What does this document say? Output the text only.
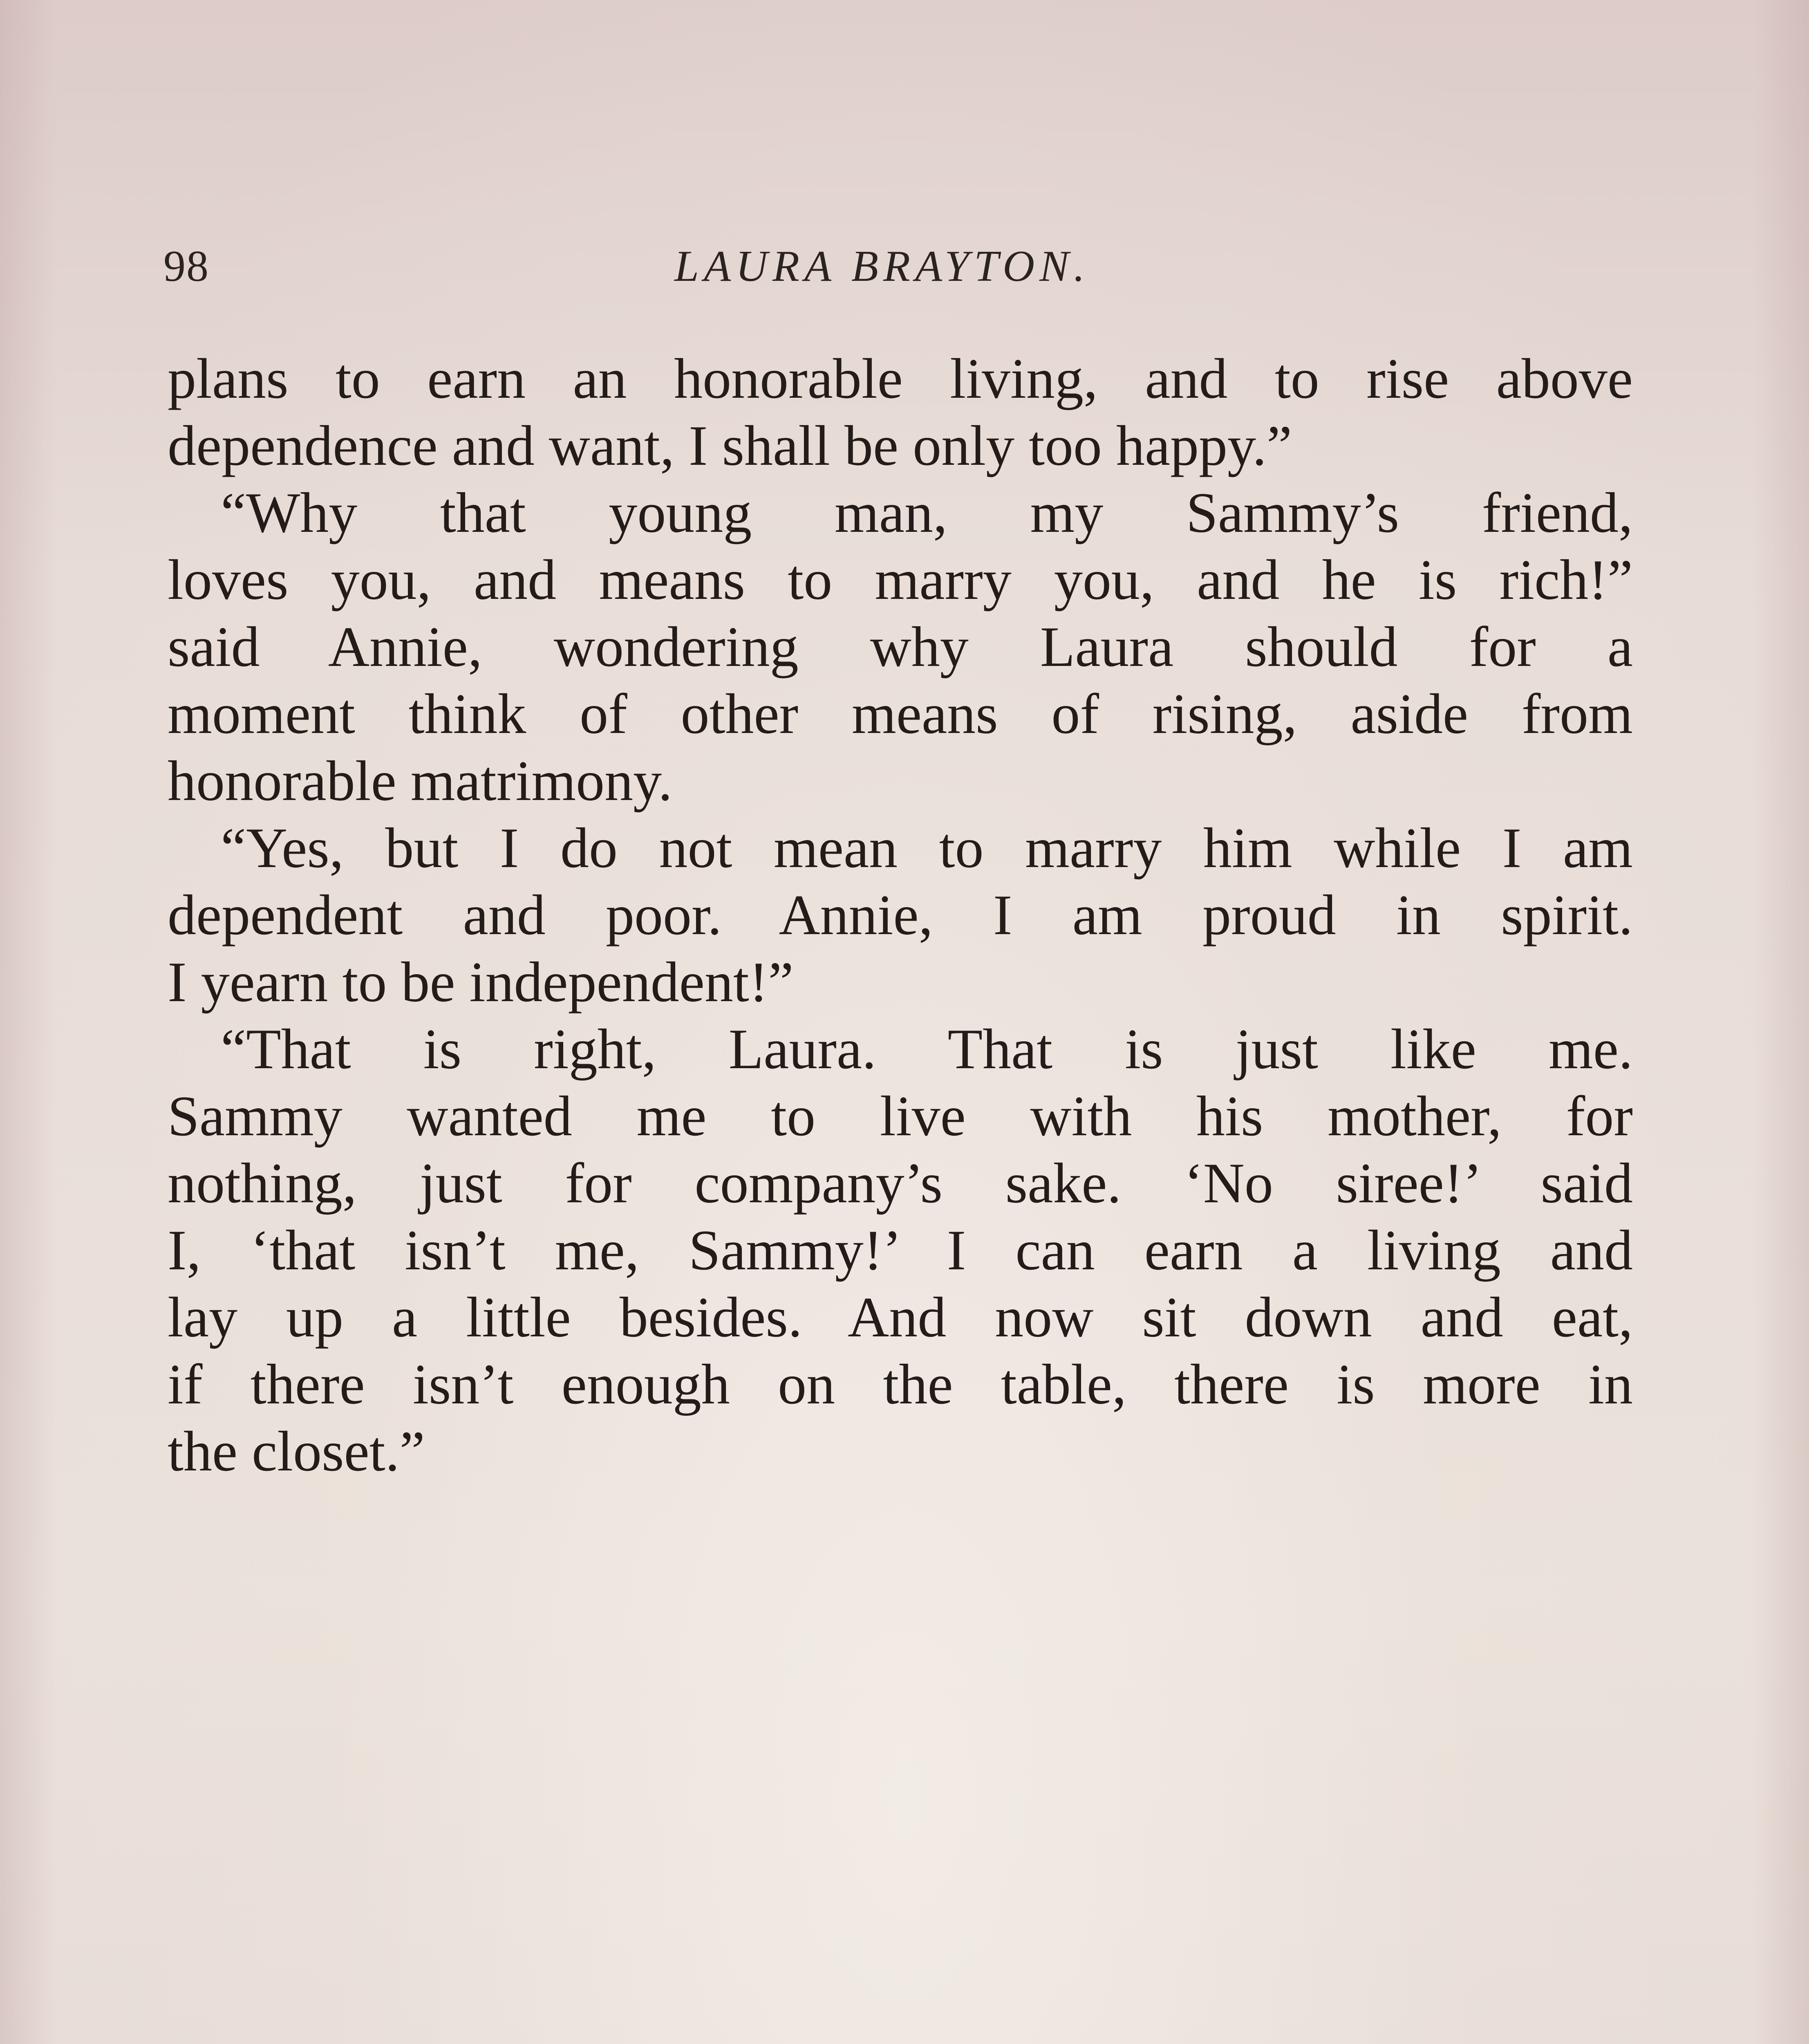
98	LAURA BRAYTON.
plans to earn an honorable living, and to rise above
dependence and want, I shall be only too happy.”
“Why that young man, my Sammy’s friend,
loves you, and means to marry you, and he is rich!”
said Annie, wondering why Laura should for a
moment think of other means of rising, aside from
honorable matrimony.
“Yes, but I do not mean to marry him while I am
dependent and poor. Annie, I am proud in spirit.
I yearn to be independent!”
“That is right, Laura. That is just like me.
Sammy wanted me to live with his mother, for
nothing, just for company’s sake. ‘No siree!’ said
I, ‘that isn’t me, Sammy!’ I can earn a living and
lay up a little besides. And now sit down and eat,
if there isn’t enough on the table, there is more in
the closet.”
